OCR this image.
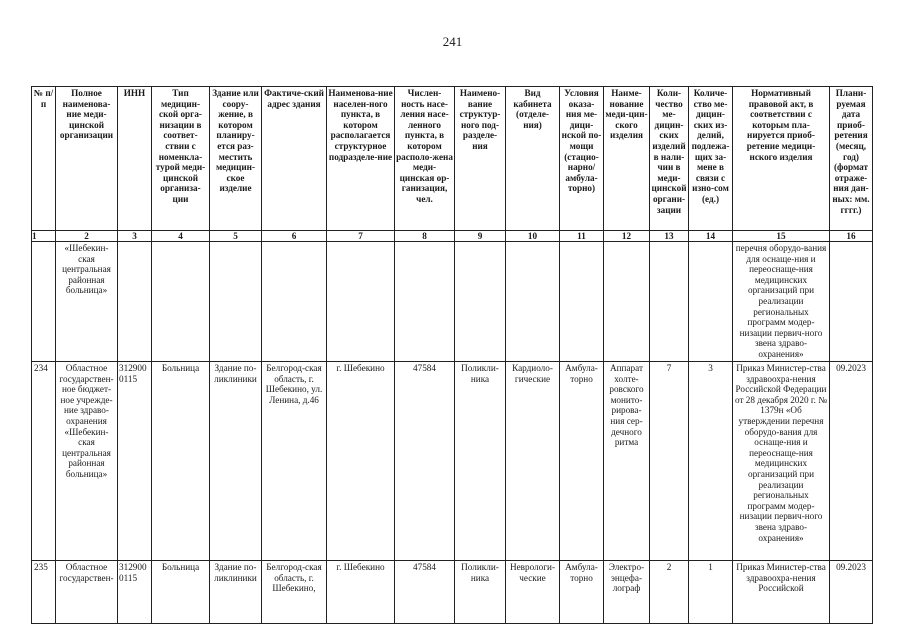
241
№ п/п	Полное наименова-ние меди-цинской организации	ИНН	Тип медицин-ской орга-низации в соответ-ствии с номенкла-турой меди-цинской организа-ции	Здание или соору-жение, в котором планиру-ется раз-местить медицин-ское изделие	Фактиче-ский адрес здания	Наименова-ние населен-ного пункта, в котором располагается структурное подразделе-ние	Числен-ность насе-ления насе-ленного пункта, в котором располо-жена меди-цинская ор-ганизация, чел.	Наимено-вание структур-ного под-разделе-ния	Вид кабинета (отделе-ния)	Условия оказа-ния ме-дици-нской по-мощи (стацио-нарно/ амбула-торно)	Наиме-нование меди-цин-ского изделия	Коли-чество ме-дицин-ских изделий в нали-чии в меди-цинской органи-зации	Количе-ство ме-дицин-ских из-делий, подлежа-щих за-мене в связи с изно-сом (ед.)	Нормативный правовой акт, в соответствии с которым пла-нируется приоб-ретение медици-нского изделия	Плани-руемая дата приоб-ретения (месяц, год) (формат отраже-ния дан-ных: мм. гггг.)
1	2	3	4	5	6	7	8	9	10	11	12	13	14	15	16
	«Шебекин-ская центральная районная больница»													перечня оборудо-вания для оснаще-ния и переоснаще-ния медицинских организаций при реализации региональных программ модер-низации первич-ного звена здраво-охранения»	
234	Областное государствен-ное бюджет-ное учрежде-ние здраво-охранения «Шебекин-ская центральная районная больница»	312900 0115	Больница	Здание по-ликлиники	Белгород-ская область, г. Шебекино, ул. Ленина, д.46	г. Шебекино	47584	Поликли-ника	Кардиоло-гические	Амбула-торно	Аппарат холте-ровского монито-рирова-ния сер-дечного ритма	7	3	Приказ Министер-ства здравоохра-нения Российской Федерации от 28 декабря 2020 г. № 1379н «Об утверждении перечня оборудо-вания для оснаще-ния и переоснаще-ния медицинских организаций при реализации региональных программ модер-низации первич-ного звена здраво-охранения»	09.2023
235	Областное государствен-	312900 0115	Больница	Здание по-ликлиники	Белгород-ская область, г. Шебекино,	г. Шебекино	47584	Поликли-ника	Неврологи-ческие	Амбула-торно	Электро-энцефа-лограф	2	1	Приказ Министер-ства здравоохра-нения Российской	09.2023
